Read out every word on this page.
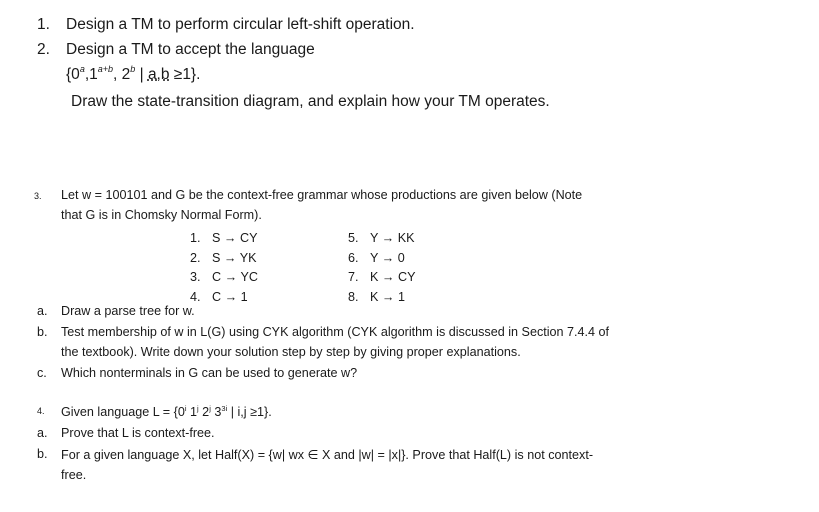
1. Design a TM to perform circular left-shift operation.
2. Design a TM to accept the language
{$0^a,1^{a+b}$, 2$^b$ | a,b ≥1}.
Draw the state-transition diagram, and explain how your TM operates.
3. Let w = 100101 and G be the context-free grammar whose productions are given below (Note
that G is in Chomsky Normal Form).
1. S → CY
2. S → YK
3. C → YC
4. C → 1
5. Y → KK
6. Y → 0
7. K → CY
8. K → 1
a. Draw a parse tree for w.
b. Test membership of w in L(G) using CYK algorithm (CYK algorithm is discussed in Section 7.4.4 of
the textbook). Write down your solution step by step by giving proper explanations.
c. Which nonterminals in G can be used to generate w?
4. Given language $L = \{0^i$ 1$^j$ 2$^j$ $3^{3i}$ | i,j ≥1}.
a. Prove that L is context-free.
b. For a given language X, let Half(X) = {w| wx ∈ X and |w| = |x|}. Prove that Half(L) is not context-
free.
